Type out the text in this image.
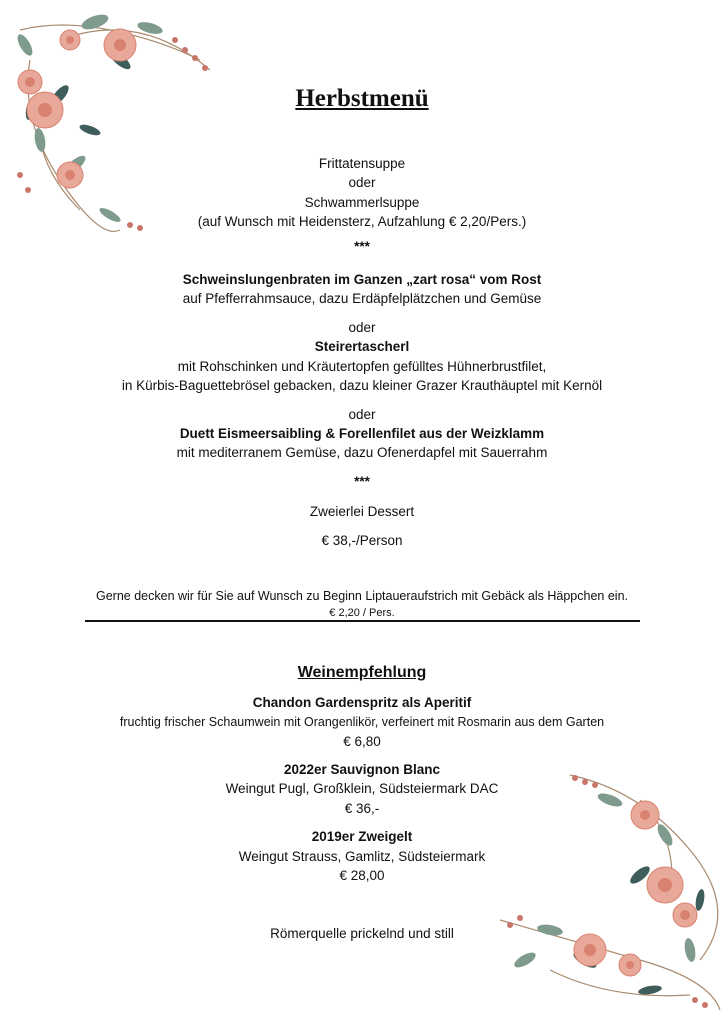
Herbstmenü
Frittatensuppe
oder
Schwammerlsuppe
(auf Wunsch mit Heidensterz, Aufzahlung € 2,20/Pers.)
***
Schweinslungenbraten im Ganzen „zart rosa“ vom Rost
auf Pfefferrahmsauce, dazu Erdäpfelplätzchen und Gemüse
oder
Steirertascherl
mit Rohschinken und Kräutertopfen gefülltes Hühnerbrustfilet,
in Kürbis-Baguettebrösel gebacken, dazu kleiner Grazer Krauthäuptel mit Kernöl
oder
Duett Eismeersaibling & Forellenfilet aus der Weizklamm
mit mediterranem Gemüse, dazu Ofenerdapfel mit Sauerrahm
***
Zweierlei Dessert
€ 38,-/Person
Gerne decken wir für Sie auf Wunsch zu Beginn Liptaueraufstrich mit Gebäck als Häppchen ein.
€ 2,20 / Pers.
Weinempfehlung
Chandon Gardenspritz als Aperitif
fruchtig frischer Schaumwein mit Orangenlikör, verfeinert mit Rosmarin aus dem Garten
€ 6,80
2022er Sauvignon Blanc
Weingut Pugl, Großklein, Südsteiermark DAC
€ 36,-
2019er Zweigelt
Weingut Strauss, Gamlitz, Südsteiermark
€ 28,00
Römerquelle prickelnd und still
